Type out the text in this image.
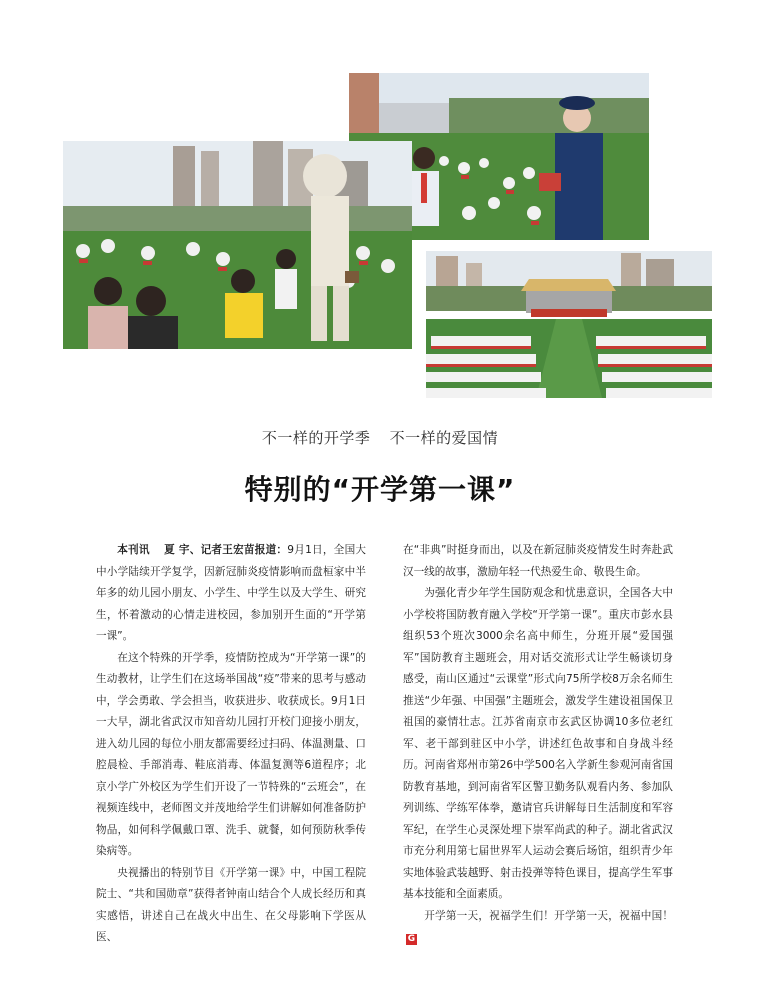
不一样的开学季 不一样的爱国情
特别的“开学第一课”

本刊讯 夏 宇、记者王宏苗报道：9月1日，全国大中小学陆续开学复学，因新冠肺炎疫情影响而盘桓家中半年多的幼儿园小朋友、小学生、中学生以及大学生、研究生，怀着激动的心情走进校园，参加别开生面的“开学第一课”。

在这个特殊的开学季，疫情防控成为“开学第一课”的生动教材，让学生们在这场举国战“疫”带来的思考与感动中，学会勇敢、学会担当，收获进步、收获成长。9月1日一大早，湖北省武汉市知音幼儿园打开校门迎接小朋友，进入幼儿园的每位小朋友都需要经过扫码、体温测量、口腔晨检、手部消毒、鞋底消毒、体温复测等6道程序；北京小学广外校区为学生们开设了一节特殊的“云班会”，在视频连线中，老师图文并茂地给学生们讲解如何准备防护物品，如何科学佩戴口罩、洗手、就餐，如何预防秋季传染病等。

央视播出的特别节目《开学第一课》中，中国工程院院士、“共和国勋章”获得者钟南山结合个人成长经历和真实感悟，讲述自己在战火中出生、在父母影响下学医从医、

在“非典”时挺身而出，以及在新冠肺炎疫情发生时奔赴武汉一线的故事，激励年轻一代热爱生命、敬畏生命。

为强化青少年学生国防观念和忧患意识，全国各大中小学校将国防教育融入学校“开学第一课”。重庆市彭水县组织53个班次3000余名高中师生，分班开展“爱国强军”国防教育主题班会，用对话交流形式让学生畅谈切身感受，南山区通过“云课堂”形式向75所学校8万余名师生推送“少年强、中国强”主题班会，激发学生建设祖国保卫祖国的豪情壮志。江苏省南京市玄武区协调10多位老红军、老干部到驻区中小学，讲述红色故事和自身战斗经历。河南省郑州市第26中学500名入学新生参观河南省国防教育基地，到河南省军区警卫勤务队观看内务、参加队列训练、学练军体拳，邀请官兵讲解每日生活制度和军容军纪，在学生心灵深处埋下崇军尚武的种子。湖北省武汉市充分利用第七届世界军人运动会赛后场馆，组织青少年实地体验武装越野、射击投弹等特色课目，提高学生军事基本技能和全面素质。

开学第一天，祝福学生们！开学第一天，祝福中国！G
